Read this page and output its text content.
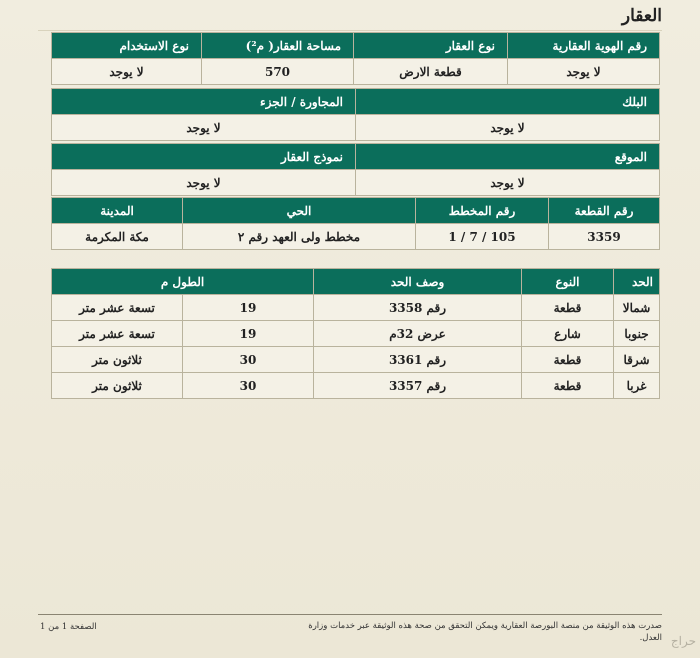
العقار
رقم الهوية العقارية	نوع العقار	مساحة العقار( م²)	نوع الاستخدام
لا يوجد	قطعة الارض	570	لا يوجد
البلك	المجاورة / الجزء
لا يوجد	لا يوجد
الموقع	نموذج العقار
لا يوجد	لا يوجد
رقم القطعة	رقم المخطط	الحي	المدينة
3359	1 / 7 / 105	مخطط ولى العهد رقم ٢	مكة المكرمة
الحد	النوع	وصف الحد	الطول م	
شمالا	قطعة	رقم 3358	19	تسعة عشر متر
جنوبا	شارع	عرض 32م	19	تسعة عشر متر
شرقا	قطعة	رقم 3361	30	ثلاثون متر
غربا	قطعة	رقم 3357	30	ثلاثون متر
صدرت هذه الوثيقة من منصة البورصة العقارية ويمكن التحقق من صحة هذه الوثيقة عبر خدمات وزارة العدل.
الصفحة 1 من 1
حراج
